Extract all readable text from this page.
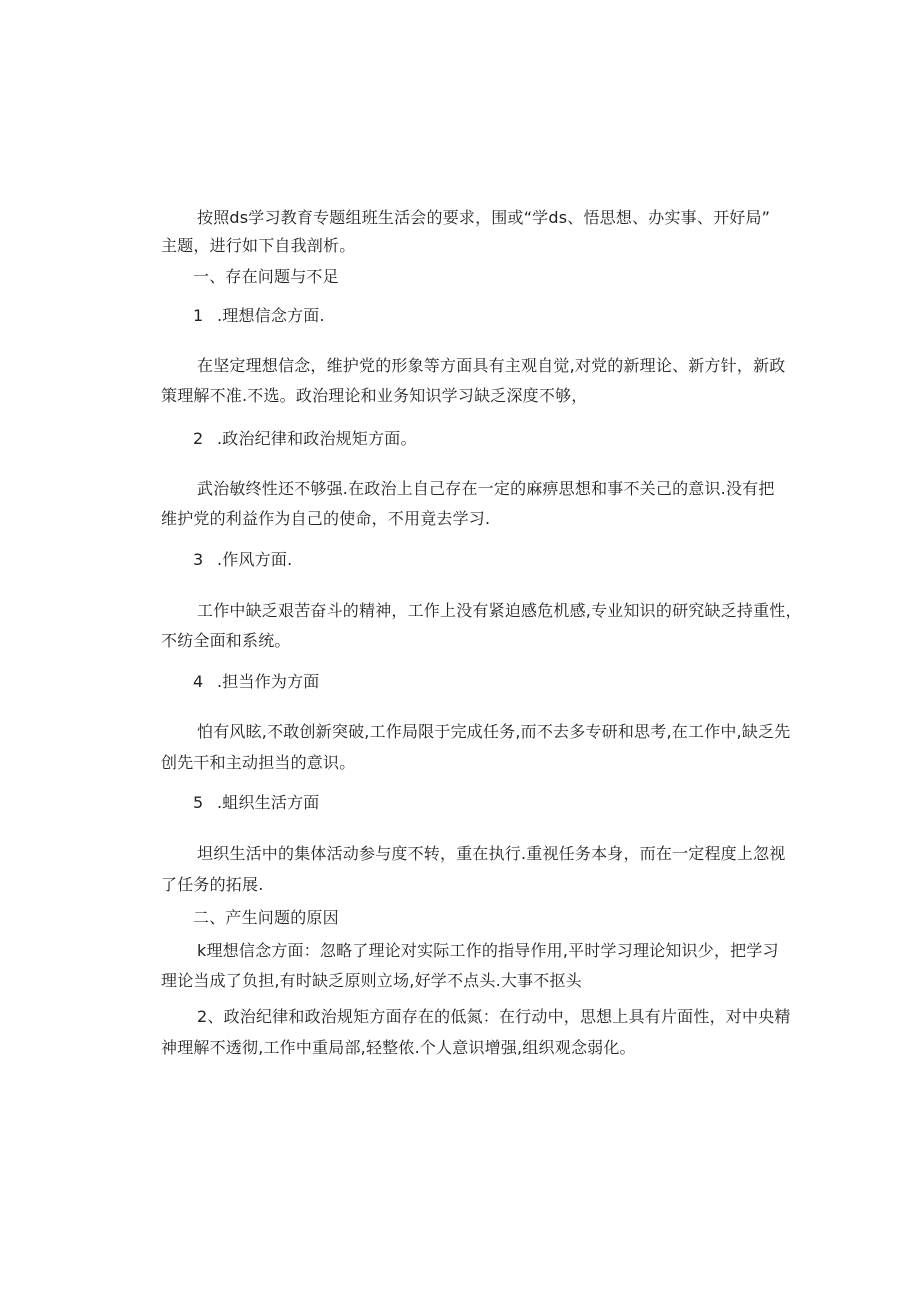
按照ds学习教育专题组班生活会的要求，围或“学ds、悟思想、办实事、开好局”
主题，进行如下自我剖析。
一、存在问题与不足
1 .理想信念方面.
在坚定理想信念，维护党的形象等方面具有主观自觉,对党的新理论、新方针，新政
策理解不准.不选。政治理论和业务知识学习缺乏深度不够，
2 .政治纪律和政治规矩方面。
武治敏终性还不够强.在政治上自己存在一定的麻痹思想和事不关己的意识.没有把
维护党的利益作为自己的使命，不用竟去学习.
3 .作风方面.
工作中缺乏艰苦奋斗的精神，工作上没有紧迫感危机感,专业知识的研究缺乏持重性，
不纺全面和系统。
4 .担当作为方面
怕有风眩,不敢创新突破,工作局限于完成任务,而不去多专研和思考,在工作中,缺乏先
创先干和主动担当的意识。
5 .蛆织生活方面
坦织生活中的集体活动参与度不转，重在执行.重视任务本身，而在一定程度上忽视
了任务的拓展.
二、产生问题的原因
k理想信念方面：忽略了理论对实际工作的指导作用,平时学习理论知识少，把学习
理论当成了负担,有时缺乏原则立场,好学不点头.大事不抠头
2、政治纪律和政治规矩方面存在的低氮：在行动中，思想上具有片面性，对中央精
神理解不透彻,工作中重局部,轻整侬.个人意识增强,组织观念弱化。
